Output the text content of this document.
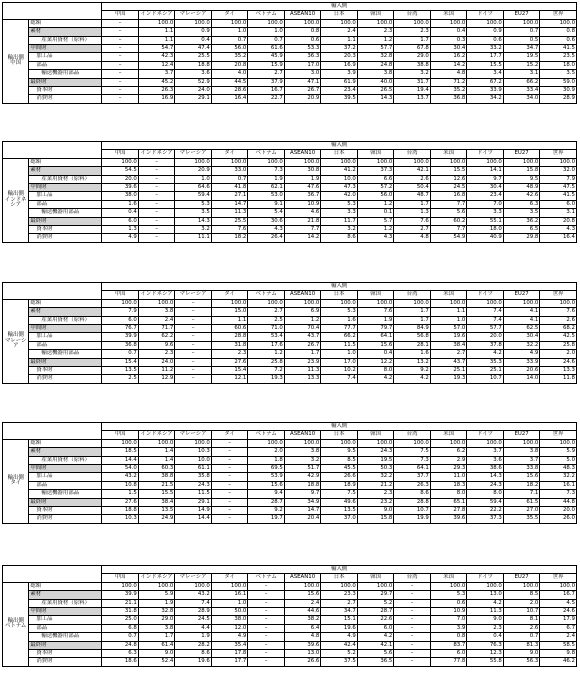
		輸入側												
		中国	インドネシア	マレーシア	タイ	ベトナム	ASEAN10	日本	韓国	台湾	米国	ドイツ	EU27	世界
輸出側
中国	総額	–	100.0	100.0	100.0	100.0	100.0	100.0	100.0	100.0	100.0	100.0	100.0	100.0
	素材	–	1.1	0.9	1.0	1.0	0.8	2.4	2.3	2.3	0.4	0.9	0.7	0.8
	産業用資材（原料）	–	1.1	0.4	0.7	0.7	0.6	1.1	1.2	1.7	0.3	0.6	0.5	0.6
	中間財	–	54.7	47.4	56.0	61.6	53.3	37.2	57.7	67.8	30.4	33.2	34.7	41.5
	加工品	–	42.3	25.5	35.2	45.9	36.3	20.3	32.8	29.0	16.2	17.7	19.5	23.5
	部品	–	12.4	18.8	20.8	15.9	17.0	16.9	24.8	38.8	14.2	15.5	15.2	18.0
	輸送機器用部品	–	3.7	3.6	4.0	2.7	3.0	3.9	3.8	3.2	4.8	3.4	3.1	3.5
	最終財	–	45.2	52.9	44.5	37.9	47.1	61.9	40.0	31.7	71.2	67.2	66.2	59.0
	資本財	–	26.3	24.0	28.6	16.7	26.7	23.4	26.5	19.4	35.2	33.9	33.4	30.9
	消費財	–	16.9	29.1	16.4	22.7	20.9	39.5	14.3	13.7	36.8	34.2	34.0	28.9
		輸入側												
		中国	インドネシア	マレーシア	タイ	ベトナム	ASEAN10	日本	韓国	台湾	米国	ドイツ	EU27	世界
輸出側
インドネシア	総額	100.0	–	100.0	100.0	100.0	100.0	100.0	100.0	100.0	100.0	100.0	100.0	100.0
	素材	54.5	–	20.9	33.0	7.3	30.8	41.2	37.3	42.1	15.5	14.1	15.8	32.0
	産業用資材（原料）	20.0	–	1.0	0.7	1.9	1.9	10.0	6.6	2.6	12.6	9.7	9.5	7.9
	中間財	39.6	–	64.6	41.8	62.1	47.6	47.3	57.2	50.4	24.5	30.4	48.9	47.5
	加工品	38.0	–	59.4	27.1	53.0	36.7	42.0	56.0	48.7	16.8	23.4	42.6	41.5
	部品	1.6	–	5.3	14.7	9.1	10.9	5.3	1.2	1.7	7.7	7.0	6.3	6.0
	輸送機器用部品	0.4	–	3.5	11.3	5.4	4.6	3.3	0.1	1.3	5.6	3.3	3.5	3.1
	最終財	6.0	–	14.3	25.5	30.6	21.8	11.7	5.7	7.6	60.2	55.1	36.2	20.8
	資本財	1.3	–	3.2	7.6	4.3	7.7	3.2	1.2	2.7	7.7	18.0	6.5	4.3
	消費財	4.9	–	11.1	18.2	26.4	14.2	8.6	4.3	4.8	54.9	40.9	29.8	16.4
		輸入側												
		中国	インドネシア	マレーシア	タイ	ベトナム	ASEAN10	日本	韓国	台湾	米国	ドイツ	EU27	世界
輸出側
マレーシア	総額	100.0	100.0	–	100.0	100.0	100.0	100.0	100.0	100.0	100.0	100.0	100.0	100.0
	素材	7.9	3.8	–	15.0	2.7	6.9	5.3	7.6	1.7	1.1	7.4	4.1	7.6
	産業用資材（原料）	6.0	2.4	–	1.1	2.5	1.2	1.6	1.9	1.7	1.0	7.4	4.1	2.6
	中間財	76.7	71.7	–	60.6	71.0	70.4	77.7	79.7	84.9	57.0	57.7	62.5	68.2
	加工品	39.9	62.2	–	28.8	53.4	43.7	66.2	64.1	56.8	19.6	20.0	30.4	42.5
	部品	36.8	9.6	–	31.8	17.6	26.7	11.5	15.6	28.1	38.4	37.8	32.2	25.8
	輸送機器用部品	0.7	2.3	–	2.3	1.2	1.7	1.0	0.4	1.6	2.7	4.2	4.9	2.0
	最終財	15.4	24.0	–	27.6	25.8	23.9	17.0	12.2	13.2	43.7	35.3	33.9	24.6
	資本財	13.5	11.2	–	15.4	7.2	11.3	10.2	8.0	9.2	25.1	25.1	20.6	13.3
	消費財	2.5	12.9	–	12.1	19.3	13.3	7.4	4.2	4.2	19.3	10.7	14.0	11.8
		輸入側												
		中国	インドネシア	マレーシア	タイ	ベトナム	ASEAN10	日本	韓国	台湾	米国	ドイツ	EU27	世界
輸出側
タイ	総額	100.0	100.0	100.0	–	100.0	100.0	100.0	100.0	100.0	100.0	100.0	100.0	100.0
	素材	18.5	1.4	10.3	–	2.0	3.8	9.5	24.3	7.5	6.2	3.7	3.8	5.9
	産業用資材（原料）	14.4	1.4	10.0	–	1.8	3.2	8.5	19.5	7.3	2.9	3.6	3.7	5.0
	中間財	54.0	60.3	61.1	–	69.5	51.7	45.5	50.3	64.1	29.3	38.6	33.8	48.3
	加工品	43.2	38.8	35.8	–	53.9	42.9	26.6	32.2	37.7	11.0	14.3	15.6	32.2
	部品	10.8	21.5	24.3	–	15.6	18.8	18.9	21.2	26.3	18.3	24.3	18.2	16.1
	輸送機器用部品	1.5	15.5	11.5	–	9.4	9.7	7.5	2.3	8.6	8.0	8.0	7.1	7.3
	最終財	27.6	38.4	29.1	–	28.7	34.9	49.6	23.2	28.8	65.1	59.4	61.5	44.8
	資本財	18.8	13.5	14.9	–	9.2	14.7	13.5	9.0	10.7	27.8	22.2	27.0	20.0
	消費財	10.3	24.9	14.4	–	19.7	20.4	37.0	15.8	19.9	39.6	37.3	35.5	26.0
		輸入側												
		中国	インドネシア	マレーシア	タイ	ベトナム	ASEAN10	日本	韓国	台湾	米国	ドイツ	EU27	世界
輸出側
ベトナム	総額	100.0	100.0	100.0	100.0	–	100.0	100.0	100.0	–	100.0	100.0	100.0	100.0
	素材	39.9	5.9	43.2	16.1	–	15.6	23.3	29.7	–	5.3	13.0	8.5	16.7
	産業用資材（原料）	21.1	1.9	7.4	1.0	–	2.4	2.7	5.2	–	0.6	4.2	2.0	4.5
	中間財	31.8	32.8	28.9	50.0	–	44.6	34.7	28.7	–	10.9	11.3	10.7	24.6
	加工品	25.0	29.0	24.5	38.0	–	38.2	15.1	22.6	–	7.0	9.0	8.1	17.9
	部品	6.8	3.8	4.4	12.0	–	6.4	19.6	6.0	–	3.9	2.3	2.6	6.7
	輸送機器用部品	0.7	1.7	1.9	4.9	–	4.8	4.9	4.2	–	0.8	0.4	0.7	2.4
	最終財	24.8	61.4	28.2	35.4	–	39.6	42.4	42.1	–	83.7	76.3	81.3	58.5
	資本財	6.3	9.0	8.6	17.8	–	13.0	5.2	5.6	–	6.0	12.3	9.0	9.8
	消費財	18.6	52.4	19.6	17.7	–	26.6	37.5	36.5	–	77.8	55.8	56.3	46.2
